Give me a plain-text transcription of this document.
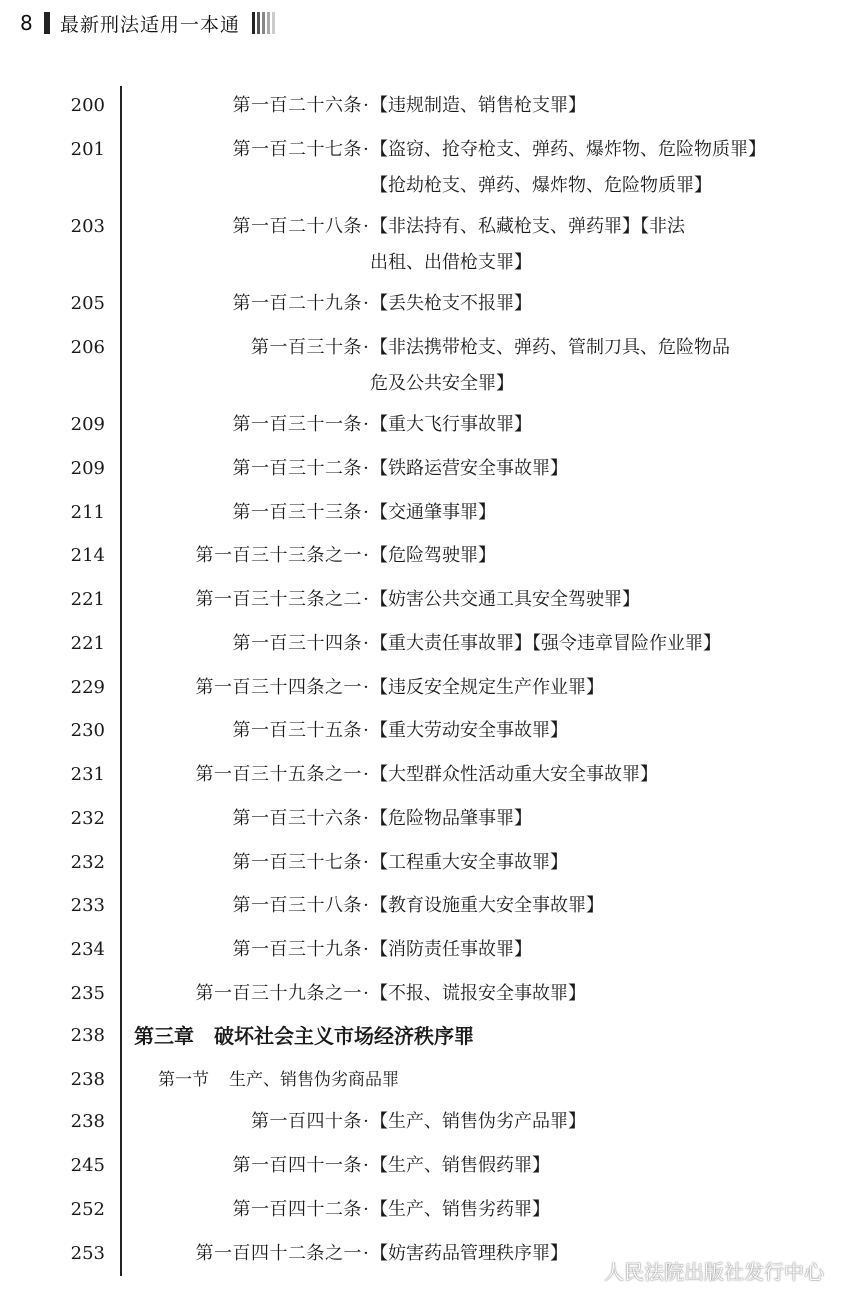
8	最新刑法适用一本通
200	第一百二十六条 · 【违规制造、销售枪支罪】
201	第一百二十七条 · 【盗窃、抢夺枪支、弹药、爆炸物、危险物质罪】
【抢劫枪支、弹药、爆炸物、危险物质罪】
203	第一百二十八条 · 【非法持有、私藏枪支、弹药罪】【非法
出租、出借枪支罪】
205	第一百二十九条 · 【丢失枪支不报罪】
206	第一百三十条 · 【非法携带枪支、弹药、管制刀具、危险物品
危及公共安全罪】
209	第一百三十一条 · 【重大飞行事故罪】
209	第一百三十二条 · 【铁路运营安全事故罪】
211	第一百三十三条 · 【交通肇事罪】
214	第一百三十三条之一 · 【危险驾驶罪】
221	第一百三十三条之二 · 【妨害公共交通工具安全驾驶罪】
221	第一百三十四条 · 【重大责任事故罪】【强令违章冒险作业罪】
229	第一百三十四条之一 · 【违反安全规定生产作业罪】
230	第一百三十五条 · 【重大劳动安全事故罪】
231	第一百三十五条之一 · 【大型群众性活动重大安全事故罪】
232	第一百三十六条 · 【危险物品肇事罪】
232	第一百三十七条 · 【工程重大安全事故罪】
233	第一百三十八条 · 【教育设施重大安全事故罪】
234	第一百三十九条 · 【消防责任事故罪】
235	第一百三十九条之一 · 【不报、谎报安全事故罪】
238 第三章 破坏社会主义市场经济秩序罪
238	第一节 生产、销售伪劣商品罪
238	第一百四十条 · 【生产、销售伪劣产品罪】
245	第一百四十一条 · 【生产、销售假药罪】
252	第一百四十二条 · 【生产、销售劣药罪】
253	第一百四十二条之一 · 【妨害药品管理秩序罪】
人民法院出版社发行中心
